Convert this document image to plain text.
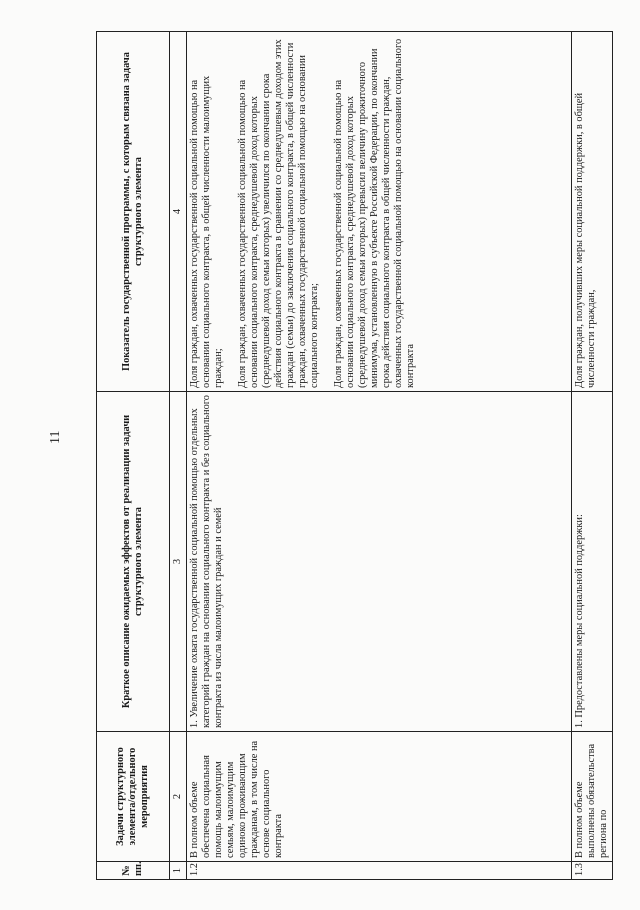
11
№ пп.	Задачи структурного элемента/отдельного мероприятия	Краткое описание ожидаемых эффектов от реализации задачи структурного элемента	Показатель государственной программы, с которым связана задача структурного элемента
1	2	3	4
1.2	В полном объеме обеспечена социальная помощь малоимущим семьям, малоимущим одиноко проживающим гражданам, в том числе на основе социального контракта	1. Увеличение охвата государственной социальной помощью отдельных категорий граждан на основании социального контракта и без социального контракта из числа малоимущих граждан и семей	Доля граждан, охваченных государственной социальной помощью на основании социального контракта, в общей численности малоимущих граждан; Доля граждан, охваченных государственной социальной помощью на основании социального контракта, среднедушевой доход которых (среднедушевой доход семьи которых) увеличился по окончании срока действия социального контракта в сравнении со среднедушевым доходом этих граждан (семьи) до заключения социального контракта, в общей численности граждан, охваченных государственной социальной помощью на основании социального контракта; Доля граждан, охваченных государственной социальной помощью на основании социального контракта, среднедушевой доход которых (среднедушевой доход семьи которых) превысил величину прожиточного минимума, установленную в субъекте Российской Федерации, по окончании срока действия социального контракта в общей численности граждан, охваченных государственной социальной помощью на основании социального контракта

1.3	В полном объеме выполнены обязательства региона по	1. Предоставлены меры социальной поддержки:	Доля граждан, получивших меры социальной поддержки, в общей численности граждан,
